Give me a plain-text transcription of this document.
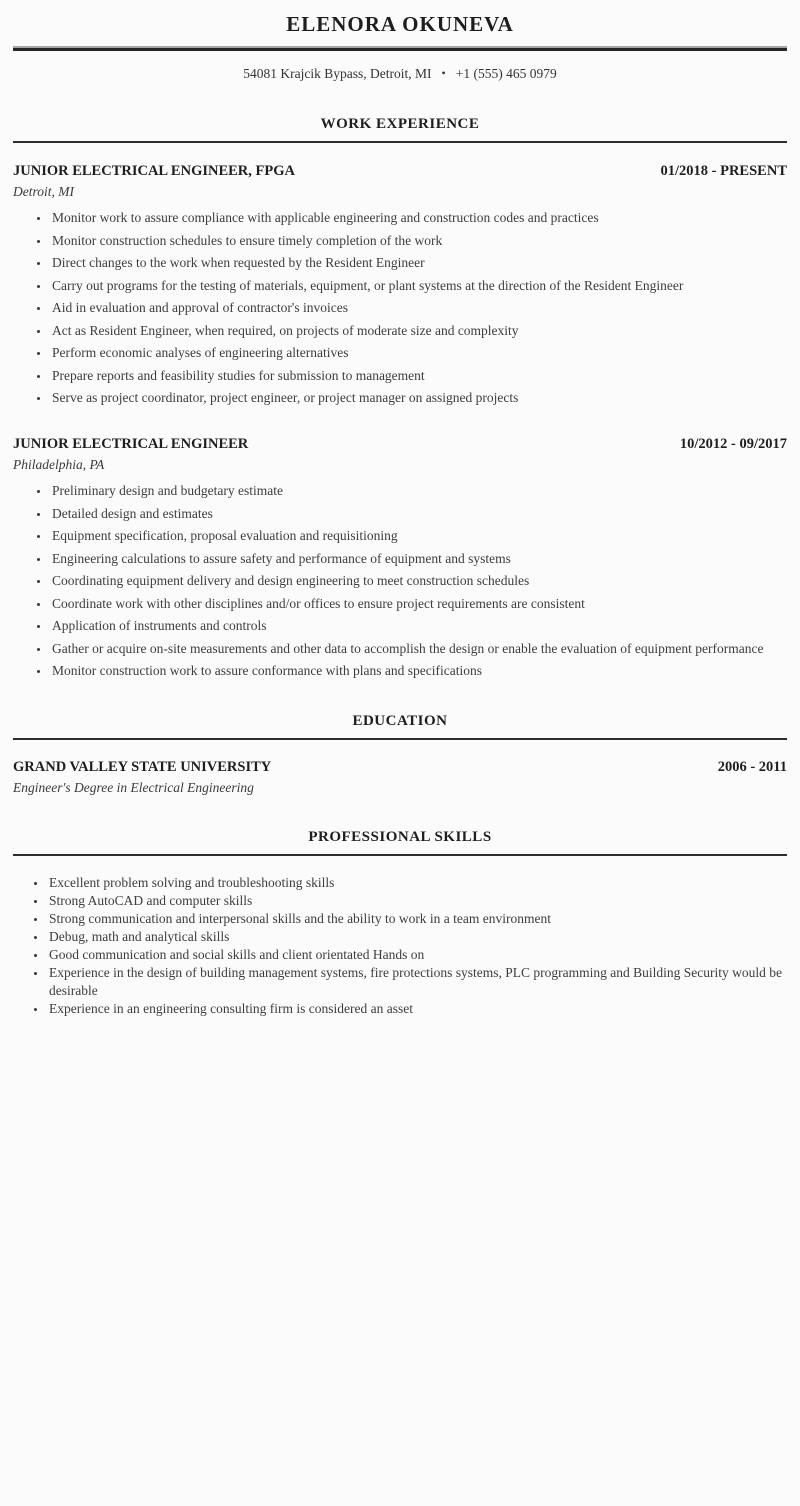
ELENORA OKUNEVA
54081 Krajcik Bypass, Detroit, MI • +1 (555) 465 0979
WORK EXPERIENCE
JUNIOR ELECTRICAL ENGINEER, FPGA	01/2018 - PRESENT
Detroit, MI
• Monitor work to assure compliance with applicable engineering and construction codes and practices
• Monitor construction schedules to ensure timely completion of the work
• Direct changes to the work when requested by the Resident Engineer
• Carry out programs for the testing of materials, equipment, or plant systems at the direction of the Resident Engineer
• Aid in evaluation and approval of contractor's invoices
• Act as Resident Engineer, when required, on projects of moderate size and complexity
• Perform economic analyses of engineering alternatives
• Prepare reports and feasibility studies for submission to management
• Serve as project coordinator, project engineer, or project manager on assigned projects
JUNIOR ELECTRICAL ENGINEER	10/2012 - 09/2017
Philadelphia, PA
• Preliminary design and budgetary estimate
• Detailed design and estimates
• Equipment specification, proposal evaluation and requisitioning
• Engineering calculations to assure safety and performance of equipment and systems
• Coordinating equipment delivery and design engineering to meet construction schedules
• Coordinate work with other disciplines and/or offices to ensure project requirements are consistent
• Application of instruments and controls
• Gather or acquire on-site measurements and other data to accomplish the design or enable the evaluation of equipment performance
• Monitor construction work to assure conformance with plans and specifications
EDUCATION
GRAND VALLEY STATE UNIVERSITY	2006 - 2011
Engineer's Degree in Electrical Engineering
PROFESSIONAL SKILLS
• Excellent problem solving and troubleshooting skills
• Strong AutoCAD and computer skills
• Strong communication and interpersonal skills and the ability to work in a team environment
• Debug, math and analytical skills
• Good communication and social skills and client orientated Hands on
• Experience in the design of building management systems, fire protections systems, PLC programming and Building Security would be desirable
• Experience in an engineering consulting firm is considered an asset
